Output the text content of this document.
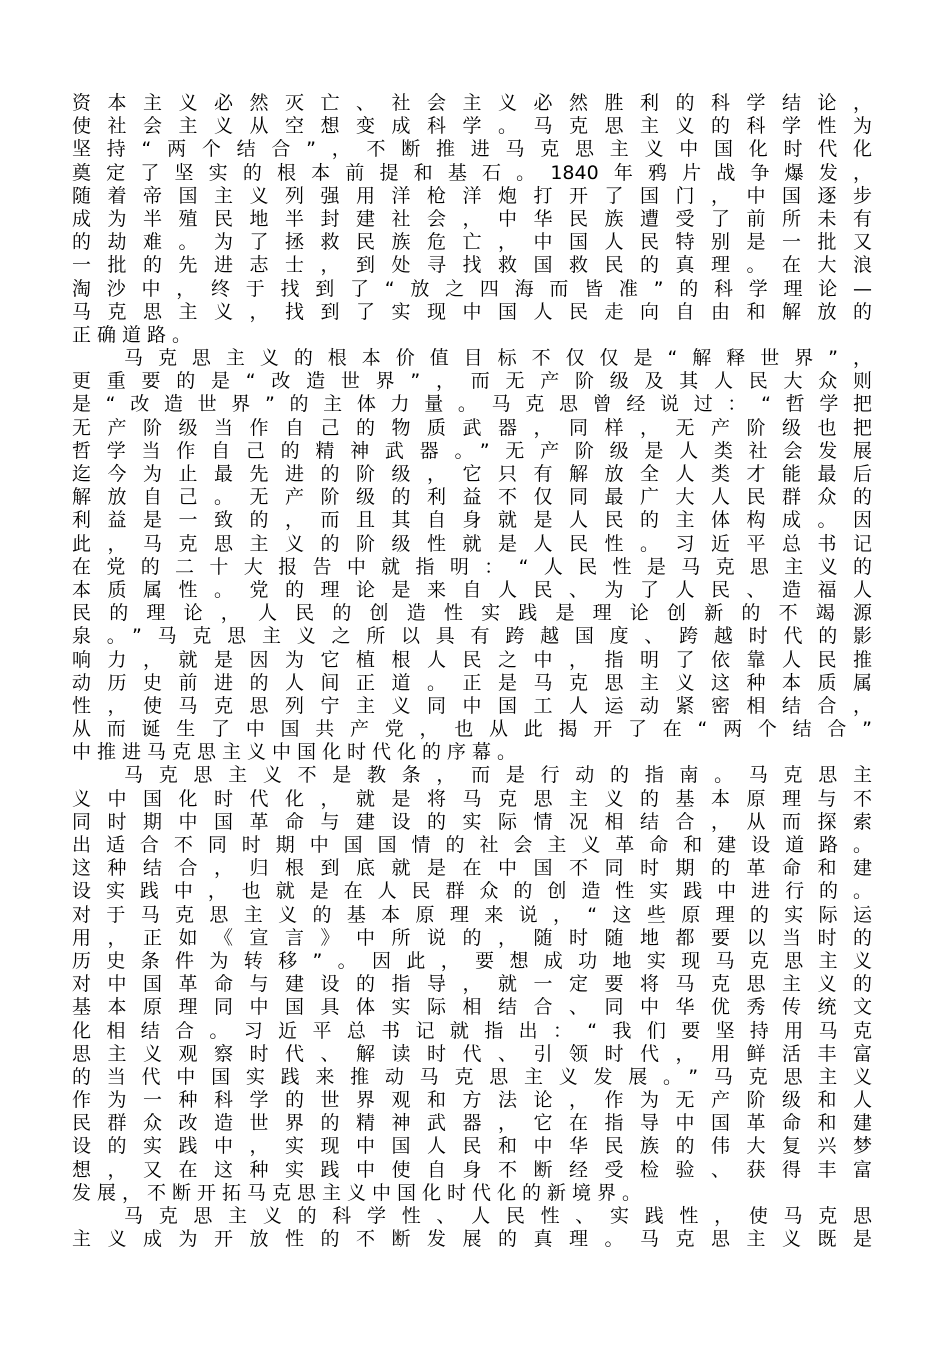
资本主义必然灭亡、社会主义必然胜利的科学结论，
使社会主义从空想变成科学。马克思主义的科学性为
坚持“两个结合”，不断推进马克思主义中国化时代化
奠定了坚实的根本前提和基石。1840年鸦片战争爆发，
随着帝国主义列强用洋枪洋炮打开了国门，中国逐步
成为半殖民地半封建社会，中华民族遭受了前所未有
的劫难。为了拯救民族危亡，中国人民特别是一批又
一批的先进志士，到处寻找救国救民的真理。在大浪
淘沙中，终于找到了“放之四海而皆准”的科学理论—
马克思主义，找到了实现中国人民走向自由和解放的
正确道路。
马克思主义的根本价值目标不仅仅是“解释世界”，
更重要的是“改造世界”，而无产阶级及其人民大众则
是“改造世界”的主体力量。马克思曾经说过：“哲学把
无产阶级当作自己的物质武器，同样，无产阶级也把
哲学当作自己的精神武器。”无产阶级是人类社会发展
迄今为止最先进的阶级，它只有解放全人类才能最后
解放自己。无产阶级的利益不仅同最广大人民群众的
利益是一致的，而且其自身就是人民的主体构成。因
此，马克思主义的阶级性就是人民性。习近平总书记
在党的二十大报告中就指明：“人民性是马克思主义的
本质属性。党的理论是来自人民、为了人民、造福人
民的理论，人民的创造性实践是理论创新的不竭源
泉。”马克思主义之所以具有跨越国度、跨越时代的影
响力，就是因为它植根人民之中，指明了依靠人民推
动历史前进的人间正道。正是马克思主义这种本质属
性，使马克思列宁主义同中国工人运动紧密相结合，
从而诞生了中国共产党，也从此揭开了在“两个结合”
中推进马克思主义中国化时代化的序幕。
马克思主义不是教条，而是行动的指南。马克思主
义中国化时代化，就是将马克思主义的基本原理与不
同时期中国革命与建设的实际情况相结合，从而探索
出适合不同时期中国国情的社会主义革命和建设道路。
这种结合，归根到底就是在中国不同时期的革命和建
设实践中，也就是在人民群众的创造性实践中进行的。
对于马克思主义的基本原理来说，“这些原理的实际运
用，正如《宣言》中所说的，随时随地都要以当时的
历史条件为转移”。因此，要想成功地实现马克思主义
对中国革命与建设的指导，就一定要将马克思主义的
基本原理同中国具体实际相结合、同中华优秀传统文
化相结合。习近平总书记就指出：“我们要坚持用马克
思主义观察时代、解读时代、引领时代，用鲜活丰富
的当代中国实践来推动马克思主义发展。”马克思主义
作为一种科学的世界观和方法论，作为无产阶级和人
民群众改造世界的精神武器，它在指导中国革命和建
设的实践中，实现中国人民和中华民族的伟大复兴梦
想，又在这种实践中使自身不断经受检验、获得丰富
发展，不断开拓马克思主义中国化时代化的新境界。
马克思主义的科学性、人民性、实践性，使马克思
主义成为开放性的不断发展的真理。马克思主义既是
